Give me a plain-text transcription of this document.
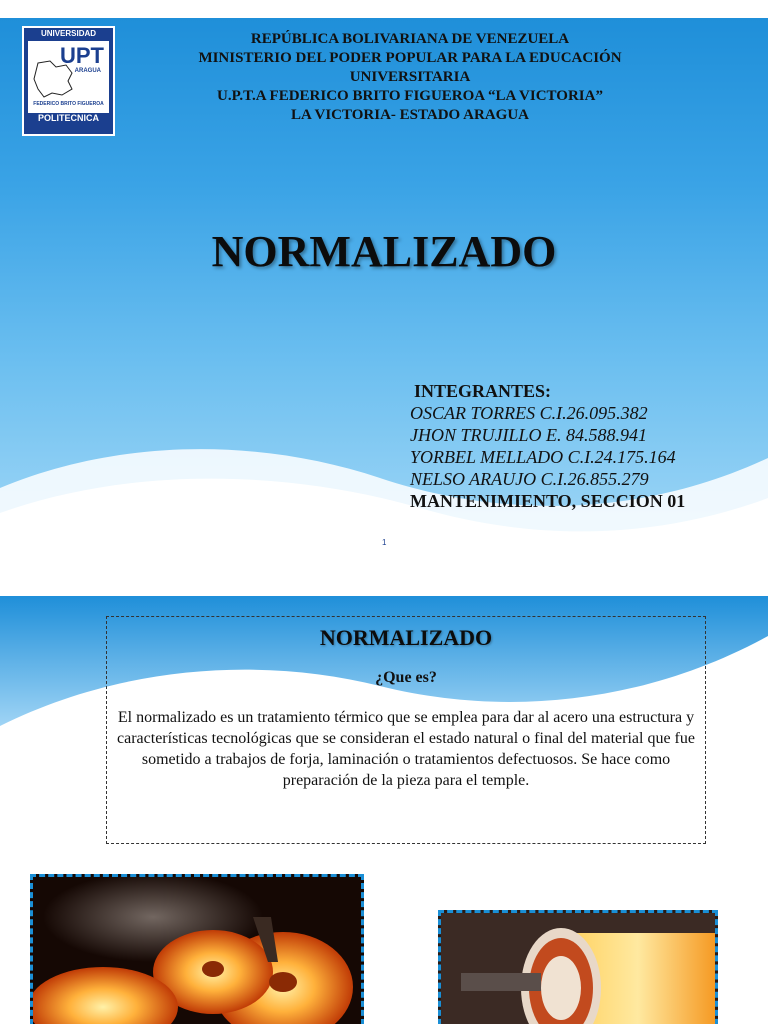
UNIVERSIDAD
UPT
ARAGUA
FEDERICO BRITO FIGUEROA
POLITECNICA
REPÚBLICA BOLIVARIANA DE VENEZUELA
MINISTERIO DEL PODER POPULAR PARA LA EDUCACIÓN
UNIVERSITARIA
U.P.T.A FEDERICO BRITO FIGUEROA “LA VICTORIA”
LA VICTORIA- ESTADO ARAGUA
NORMALIZADO
INTEGRANTES:
OSCAR TORRES C.I.26.095.382
JHON TRUJILLO E. 84.588.941
YORBEL MELLADO C.I.24.175.164
NELSO ARAUJO C.I.26.855.279
MANTENIMIENTO, SECCION 01
1
NORMALIZADO
¿Que es?
El normalizado es un tratamiento térmico que se emplea para dar al acero una estructura y características tecnológicas que se consideran el estado natural o final del material que fue sometido a trabajos de forja, laminación o tratamientos defectuosos. Se hace como preparación de la pieza para el temple.
